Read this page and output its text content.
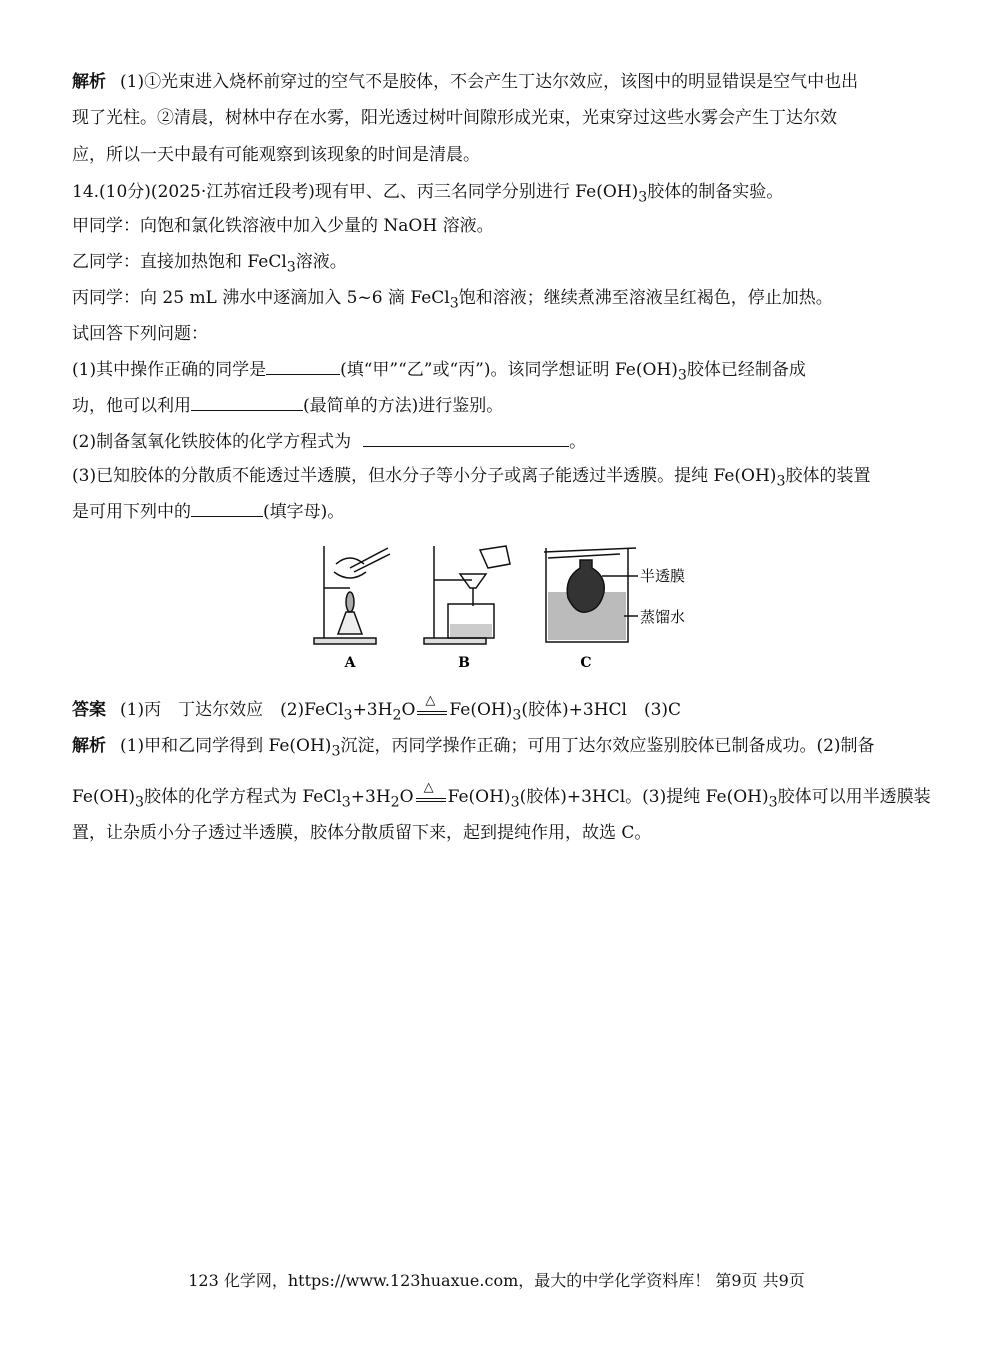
解析 (1)①光束进入烧杯前穿过的空气不是胶体，不会产生丁达尔效应，该图中的明显错误是空气中也出
现了光柱。②清晨，树林中存在水雾，阳光透过树叶间隙形成光束，光束穿过这些水雾会产生丁达尔效
应，所以一天中最有可能观察到该现象的时间是清晨。
14.(10分)(2025·江苏宿迁段考)现有甲、乙、丙三名同学分别进行 $Fe(OH)_3$胶体的制备实验。
甲同学：向饱和氯化铁溶液中加入少量的 NaOH 溶液。
乙同学：直接加热饱和 FeCl$_3$溶液。
丙同学：向 25 mL 沸水中逐滴加入 5~6 滴 FeCl$_3$饱和溶液；继续煮沸至溶液呈红褐色，停止加热。
试回答下列问题：
(1)其中操作正确的同学是	(填“甲”“乙”或“丙”)。该同学想证明 $Fe(OH)_3$胶体已经制备成
功，他可以利用	(最简单的方法)进行鉴别。
(2)制备氢氧化铁胶体的化学方程式为	。
(3)已知胶体的分散质不能透过半透膜，但水分子等小分子或离子能透过半透膜。提纯 $Fe(OH)_3$胶体的装置
是可用下列中的	(填字母)。
A	B	C
半透膜
蒸馏水
答案 (1)丙　丁达尔效应　$(2)FeCl_3+3H_2O$ △ $Fe(OH)_3$(胶体)+3HCl　(3)C
解析 (1)甲和乙同学得到 $Fe(OH)_3$沉淀，丙同学操作正确；可用丁达尔效应鉴别胶体已制备成功。(2)制备
$Fe(OH)_3$胶体的化学方程式为 $FeCl_3+3H_2O$ △ $Fe(OH)_3$(胶体)+3HCl。(3)提纯 $Fe(OH)_3$胶体可以用半透膜装
置，让杂质小分子透过半透膜，胶体分散质留下来，起到提纯作用，故选 C。
123 化学网，https://www.123huaxue.com，最大的中学化学资料库！ 第9页 共9页
